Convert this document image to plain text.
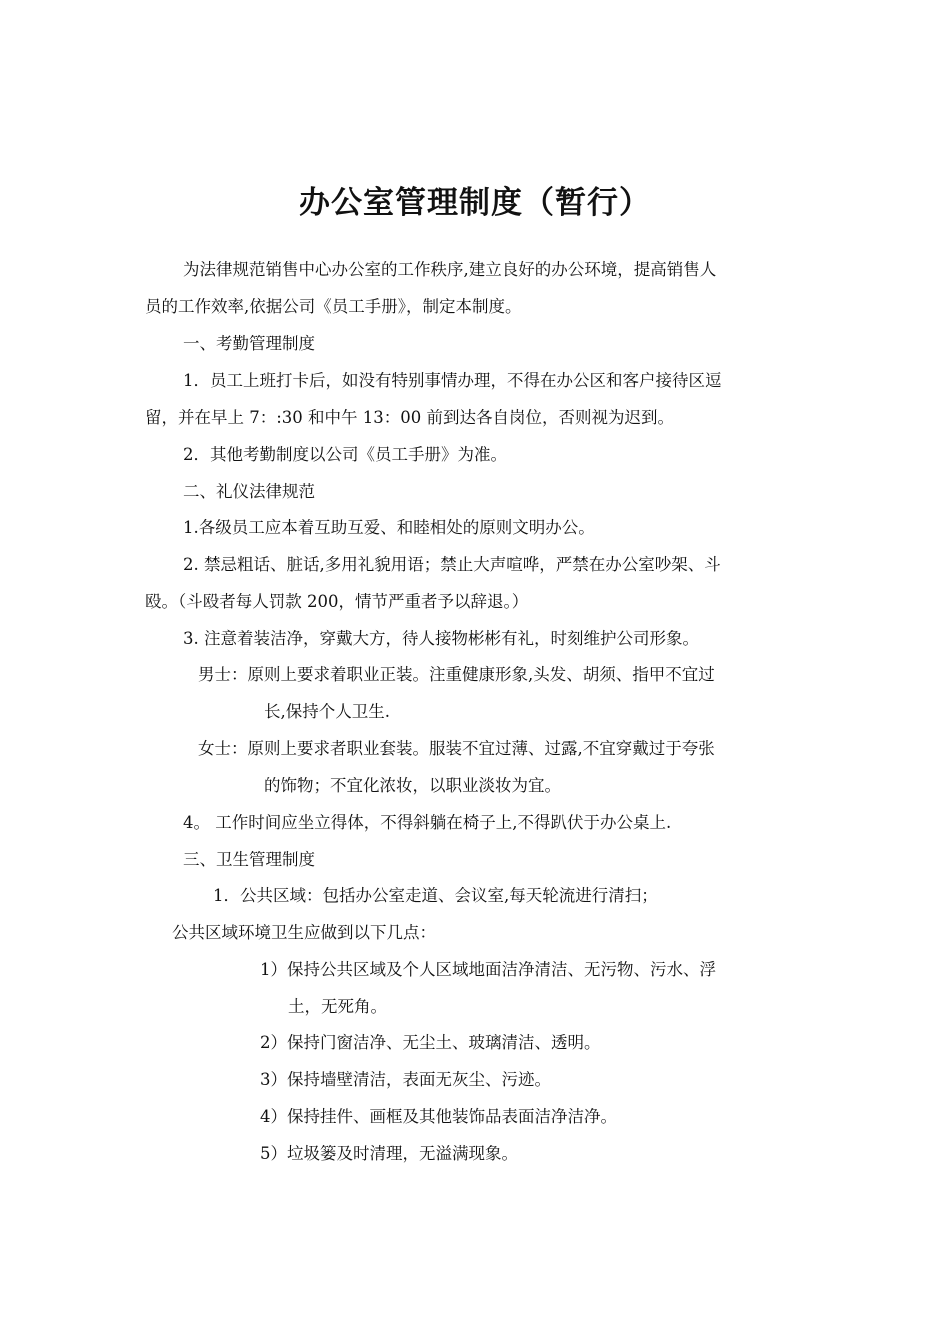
办公室管理制度（暂行）
为法律规范销售中心办公室的工作秩序,建立良好的办公环境，提高销售人
员的工作效率,依据公司《员工手册》，制定本制度。
一、考勤管理制度
1．员工上班打卡后，如没有特别事情办理，不得在办公区和客户接待区逗
留，并在早上 7：:30 和中午 13：00 前到达各自岗位，否则视为迟到。
2．其他考勤制度以公司《员工手册》为准。
二、礼仪法律规范
1.各级员工应本着互助互爱、和睦相处的原则文明办公。
2. 禁忌粗话、脏话,多用礼貌用语；禁止大声喧哗，严禁在办公室吵架、斗
殴。（斗殴者每人罚款 200，情节严重者予以辞退。）
3. 注意着装洁净，穿戴大方，待人接物彬彬有礼，时刻维护公司形象。
男士：原则上要求着职业正装。注重健康形象,头发、胡须、指甲不宜过
长,保持个人卫生.
女士：原则上要求者职业套装。服装不宜过薄、过露,不宜穿戴过于夸张
的饰物；不宜化浓妆，以职业淡妆为宜。
4。 工作时间应坐立得体，不得斜躺在椅子上,不得趴伏于办公桌上.
三、卫生管理制度
1．公共区域：包括办公室走道、会议室,每天轮流进行清扫；
公共区域环境卫生应做到以下几点：
1）保持公共区域及个人区域地面洁净清洁、无污物、污水、浮
土，无死角。
2）保持门窗洁净、无尘土、玻璃清洁、透明。
3）保持墙壁清洁，表面无灰尘、污迹。
4）保持挂件、画框及其他装饰品表面洁净洁净。
5）垃圾篓及时清理，无溢满现象。
